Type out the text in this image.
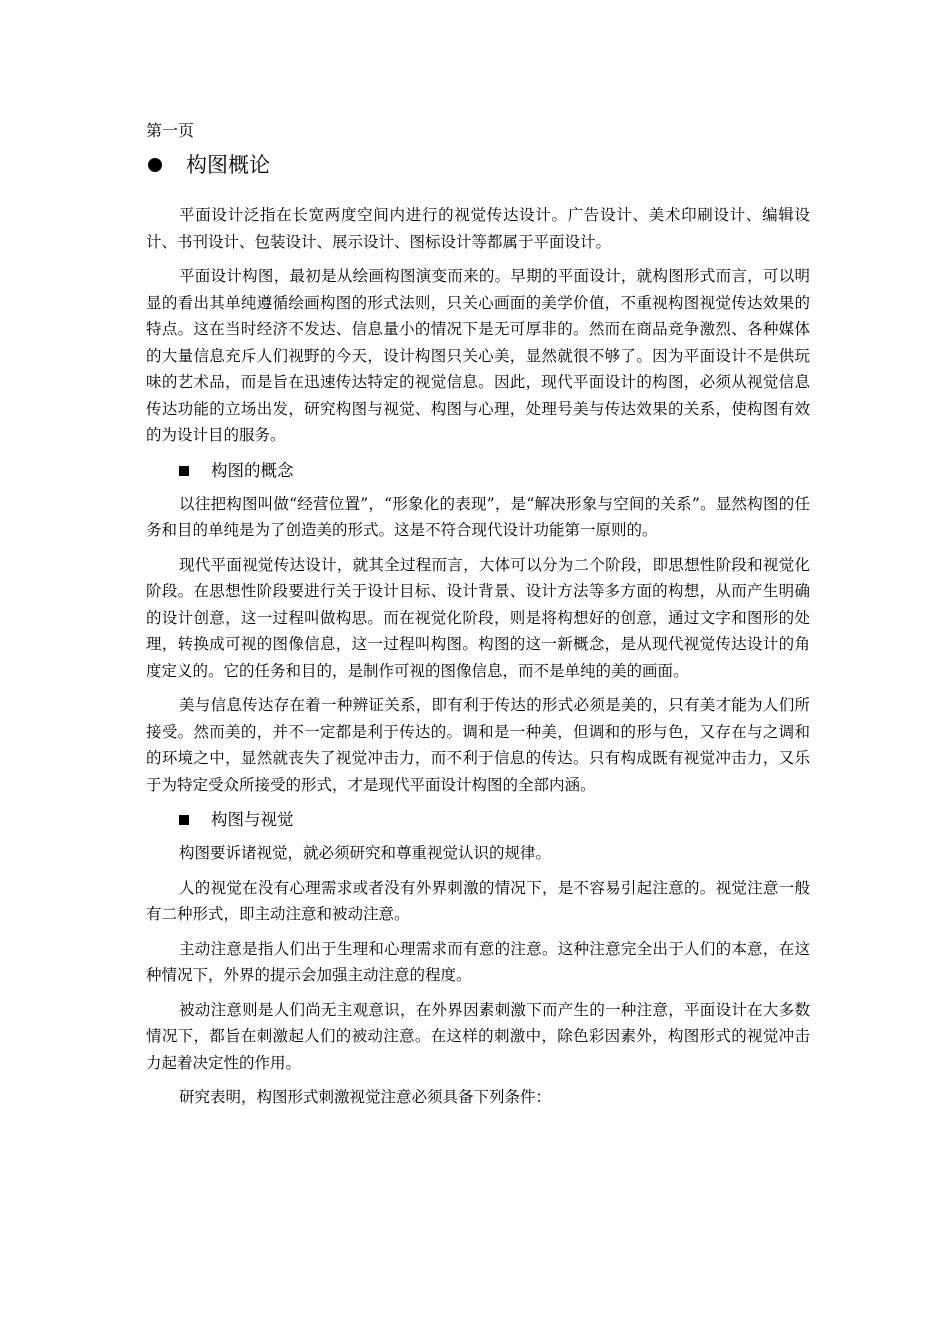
第一页
构图概论

平面设计泛指在长宽两度空间内进行的视觉传达设计。广告设计、美术印刷设计、编辑设计、书刊设计、包装设计、展示设计、图标设计等都属于平面设计。

平面设计构图，最初是从绘画构图演变而来的。早期的平面设计，就构图形式而言，可以明显的看出其单纯遵循绘画构图的形式法则，只关心画面的美学价值，不重视构图视觉传达效果的特点。这在当时经济不发达、信息量小的情况下是无可厚非的。然而在商品竞争激烈、各种媒体的大量信息充斥人们视野的今天，设计构图只关心美，显然就很不够了。因为平面设计不是供玩味的艺术品，而是旨在迅速传达特定的视觉信息。因此，现代平面设计的构图，必须从视觉信息传达功能的立场出发，研究构图与视觉、构图与心理，处理号美与传达效果的关系，使构图有效的为设计目的服务。

构图的概念

以往把构图叫做“经营位置”，“形象化的表现”，是“解决形象与空间的关系”。显然构图的任务和目的单纯是为了创造美的形式。这是不符合现代设计功能第一原则的。

现代平面视觉传达设计，就其全过程而言，大体可以分为二个阶段，即思想性阶段和视觉化阶段。在思想性阶段要进行关于设计目标、设计背景、设计方法等多方面的构想，从而产生明确的设计创意，这一过程叫做构思。而在视觉化阶段，则是将构想好的创意，通过文字和图形的处理，转换成可视的图像信息，这一过程叫构图。构图的这一新概念，是从现代视觉传达设计的角度定义的。它的任务和目的，是制作可视的图像信息，而不是单纯的美的画面。

美与信息传达存在着一种辨证关系，即有利于传达的形式必须是美的，只有美才能为人们所接受。然而美的，并不一定都是利于传达的。调和是一种美，但调和的形与色，又存在与之调和的环境之中，显然就丧失了视觉冲击力，而不利于信息的传达。只有构成既有视觉冲击力，又乐于为特定受众所接受的形式，才是现代平面设计构图的全部内涵。

构图与视觉

构图要诉诸视觉，就必须研究和尊重视觉认识的规律。

人的视觉在没有心理需求或者没有外界刺激的情况下，是不容易引起注意的。视觉注意一般有二种形式，即主动注意和被动注意。

主动注意是指人们出于生理和心理需求而有意的注意。这种注意完全出于人们的本意，在这种情况下，外界的提示会加强主动注意的程度。

被动注意则是人们尚无主观意识，在外界因素刺激下而产生的一种注意，平面设计在大多数情况下，都旨在刺激起人们的被动注意。在这样的刺激中，除色彩因素外，构图形式的视觉冲击力起着决定性的作用。

研究表明，构图形式刺激视觉注意必须具备下列条件：
